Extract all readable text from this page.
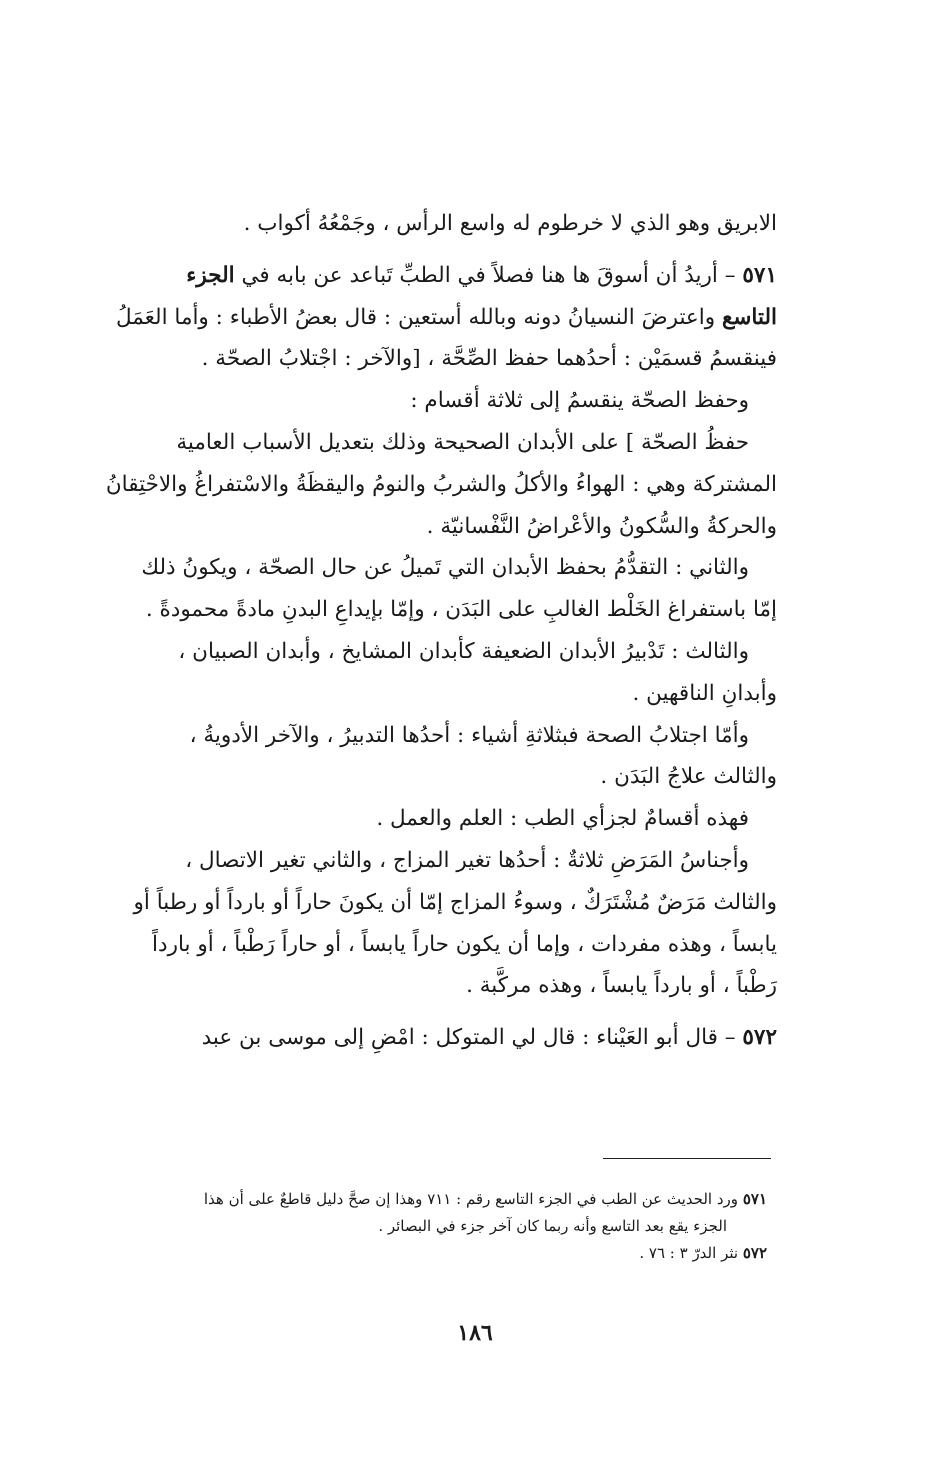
الابريق وهو الذي لا خرطوم له واسع الرأس ، وجَمْعُهُ أكواب .

٥٧١ – أريدُ أن أسوقَ ها هنا فصلاً في الطبِّ تَباعد عن بابه في الجزء

التاسع واعترضَ النسيانُ دونه وبالله أستعين : قال بعضُ الأطباء : وأما العَمَلُ

فينقسمُ قسمَيْن : أحدُهما حفظ الصِّحَّة ، [والآخر : اجْتلابُ الصحّة .

وحفظ الصحّة ينقسمُ إلى ثلاثة أقسام :

حفظُ الصحّة ] على الأبدان الصحيحة وذلك بتعديل الأسباب العامية

المشتركة وهي : الهواءُ والأكلُ والشربُ والنومُ واليقظَةُ والاسْتفراغُ والاحْتِقانُ

والحركةُ والسُّكونُ والأعْراضُ النَّفْسانيّة .

والثاني : التقدُّمُ بحفظ الأبدان التي تَميلُ عن حال الصحّة ، ويكونُ ذلك

إمّا باستفراغ الخَلْط الغالبِ على البَدَن ، وإمّا بإيداعِ البدنِ مادةً محمودةً .

والثالث : تَدْبيرُ الأبدان الضعيفة كأبدان المشايخ ، وأبدان الصبيان ،

وأبدانِ الناقهين .

وأمّا اجتلابُ الصحة فبثلاثةِ أشياء : أحدُها التدبيرُ ، والآخر الأدويةُ ،

والثالث علاجُ البَدَن .

فهذه أقسامٌ لجزأي الطب : العلم والعمل .

وأجناسُ المَرَضِ ثلاثةٌ : أحدُها تغير المزاج ، والثاني تغير الاتصال ،

والثالث مَرَضٌ مُشْتَرَكٌ ، وسوءُ المزاج إمّا أن يكونَ حاراً أو بارداً أو رطباً أو

يابساً ، وهذه مفردات ، وإما أن يكون حاراً يابساً ، أو حاراً رَطْباً ، أو بارداً

رَطْباً ، أو بارداً يابساً ، وهذه مركَّبة .

٥٧٢ – قال أبو العَيْناء : قال لي المتوكل : امْضِ إلى موسى بن عبد

٥٧١ ورد الحديث عن الطب في الجزء التاسع رقم : ٧١١ وهذا إن صحَّ دليل قاطعٌ على أن هذا

الجزء يقع بعد التاسع وأنه ربما كان آخر جزء في البصائر .

٥٧٢ نثر الدرّ ٣ : ٧٦ .

١٨٦
